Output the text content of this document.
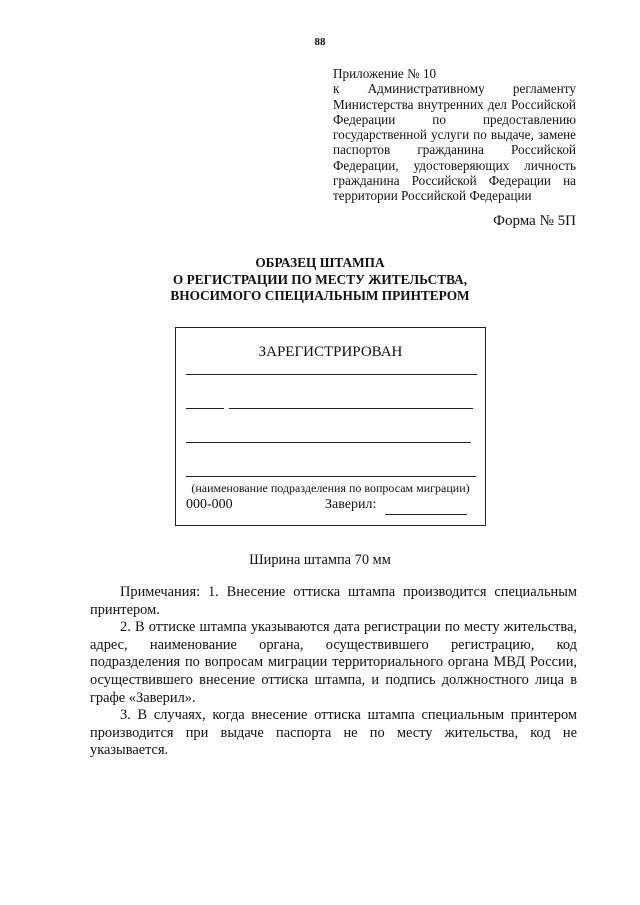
88
Приложение № 10
к Административному регламенту
Министерства внутренних дел Российской
Федерации по предоставлению
государственной услуги по выдаче, замене
паспортов гражданина Российской
Федерации, удостоверяющих личность
гражданина Российской Федерации на
территории Российской Федерации
Форма № 5П
ОБРАЗЕЦ ШТАМПА
О РЕГИСТРАЦИИ ПО МЕСТУ ЖИТЕЛЬСТВА,
ВНОСИМОГО СПЕЦИАЛЬНЫМ ПРИНТЕРОМ
ЗАРЕГИСТРИРОВАН
(наименование подразделения по вопросам миграции)
000-000	Заверил:
Ширина штампа 70 мм

Примечания: 1. Внесение оттиска штампа производится специальным принтером.

2. В оттиске штампа указываются дата регистрации по месту жительства, адрес, наименование органа, осуществившего регистрацию, код подразделения по вопросам миграции территориального органа МВД России, осуществившего внесение оттиска штампа, и подпись должностного лица в графе «Заверил».

3. В случаях, когда внесение оттиска штампа специальным принтером производится при выдаче паспорта не по месту жительства, код не указывается.
